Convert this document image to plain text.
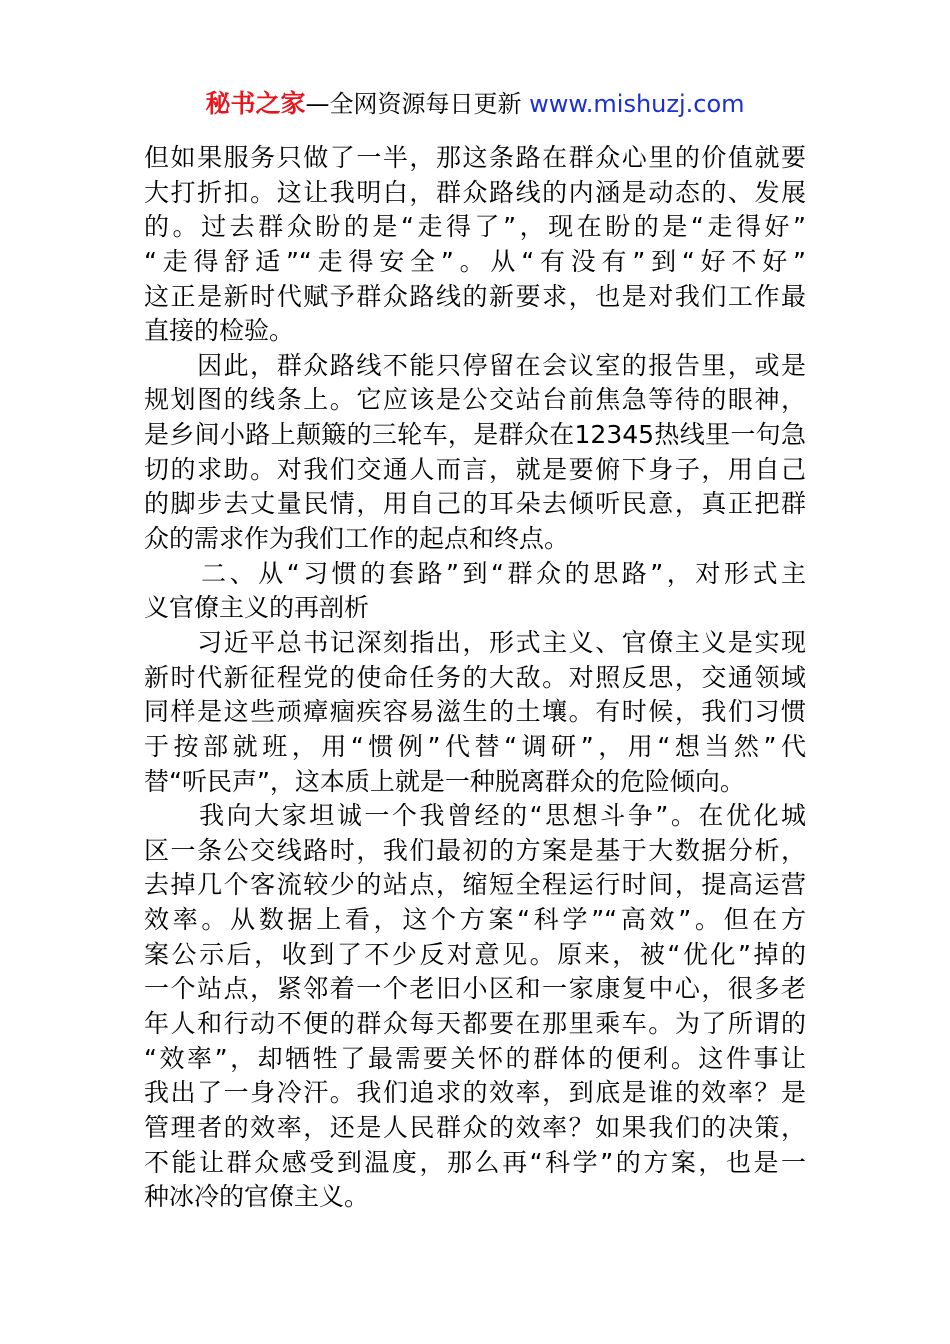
秘书之家—全网资源每日更新 www.mishuzj.com
但如果服务只做了一半，那这条路在群众心里的价值就要
大打折扣。这让我明白，群众路线的内涵是动态的、发展
的。过去群众盼的是“走得了”，现在盼的是“走得好”
“走得舒适”“走得安全”。从“有没有”到“好不好”
这正是新时代赋予群众路线的新要求，也是对我们工作最
直接的检验。
　　因此，群众路线不能只停留在会议室的报告里，或是
规划图的线条上。它应该是公交站台前焦急等待的眼神，
是乡间小路上颠簸的三轮车，是群众在12345热线里一句急
切的求助。对我们交通人而言，就是要俯下身子，用自己
的脚步去丈量民情，用自己的耳朵去倾听民意，真正把群
众的需求作为我们工作的起点和终点。
　　二、从“习惯的套路”到“群众的思路”，对形式主
义官僚主义的再剖析
　　习近平总书记深刻指出，形式主义、官僚主义是实现
新时代新征程党的使命任务的大敌。对照反思，交通领域
同样是这些顽瘴痼疾容易滋生的土壤。有时候，我们习惯
于按部就班，用“惯例”代替“调研”，用“想当然”代
替“听民声”，这本质上就是一种脱离群众的危险倾向。
　　我向大家坦诚一个我曾经的“思想斗争”。在优化城
区一条公交线路时，我们最初的方案是基于大数据分析，
去掉几个客流较少的站点，缩短全程运行时间，提高运营
效率。从数据上看，这个方案“科学”“高效”。但在方
案公示后，收到了不少反对意见。原来，被“优化”掉的
一个站点，紧邻着一个老旧小区和一家康复中心，很多老
年人和行动不便的群众每天都要在那里乘车。为了所谓的
“效率”，却牺牲了最需要关怀的群体的便利。这件事让
我出了一身冷汗。我们追求的效率，到底是谁的效率？是
管理者的效率，还是人民群众的效率？如果我们的决策，
不能让群众感受到温度，那么再“科学”的方案，也是一
种冰冷的官僚主义。
